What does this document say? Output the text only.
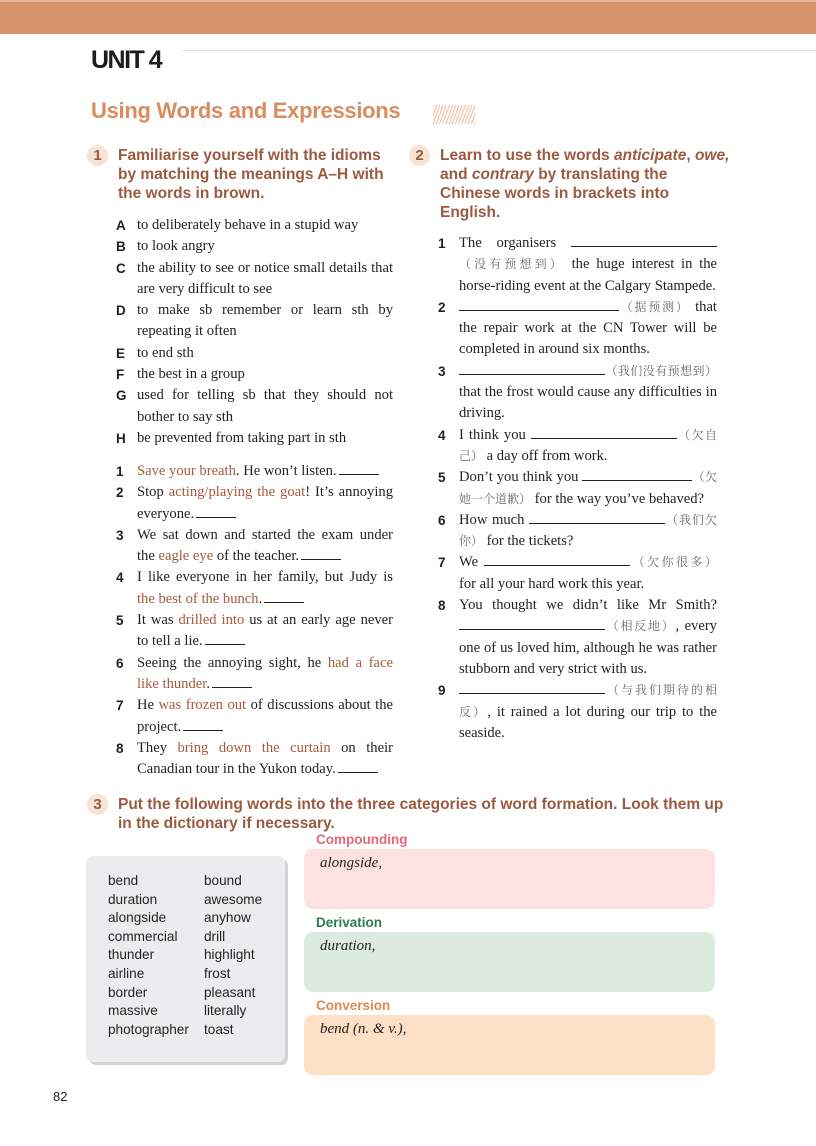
UNIT 4
Using Words and Expressions
1	Familiarise yourself with the idioms by matching the meanings A–H with the words in brown.
A to deliberately behave in a stupid way
B to look angry
C the ability to see or notice small details that are very difficult to see
D to make sb remember or learn sth by repeating it often
E to end sth
F the best in a group
G used for telling sb that they should not bother to say sth
H be prevented from taking part in sth
1 Save your breath. He won’t listen.
2 Stop acting/playing the goat! It’s annoying everyone.
3 We sat down and started the exam under the eagle eye of the teacher.
4 I like everyone in her family, but Judy is the best of the bunch.
5 It was drilled into us at an early age never to tell a lie.
6 Seeing the annoying sight, he had a face like thunder.
7 He was frozen out of discussions about the project.
8 They bring down the curtain on their Canadian tour in the Yukon today.
2	Learn to use the words anticipate, owe, and contrary by translating the Chinese words in brackets into English.
1 The organisers （没有预想到） the huge interest in the horse-riding event at the Calgary Stampede.
2	（据预测） that the repair work at the CN Tower will be completed in around six months.
3	（我们没有预想到） that the frost would cause any difficulties in driving.
4 I think you	（欠自己） a day off from work.
5 Don’t you think you	（欠她一个道歉） for the way you’ve behaved?
6 How much	（我们欠你） for the tickets?
7 We	（欠你很多） for all your hard work this year.
8 You thought we didn’t like Mr Smith? （相反地）, every one of us loved him, although he was rather stubborn and very strict with us.
9	（与我们期待的相反）, it rained a lot during our trip to the seaside.
3	Put the following words into the three categories of word formation. Look them up in the dictionary if necessary.
bend
duration
alongside
commercial
thunder
airline
border
massive
photographer
bound
awesome
anyhow
drill
highlight
frost
pleasant
literally
toast
Compounding
alongside,
Derivation
duration,
Conversion
bend (n. & v.),
82
